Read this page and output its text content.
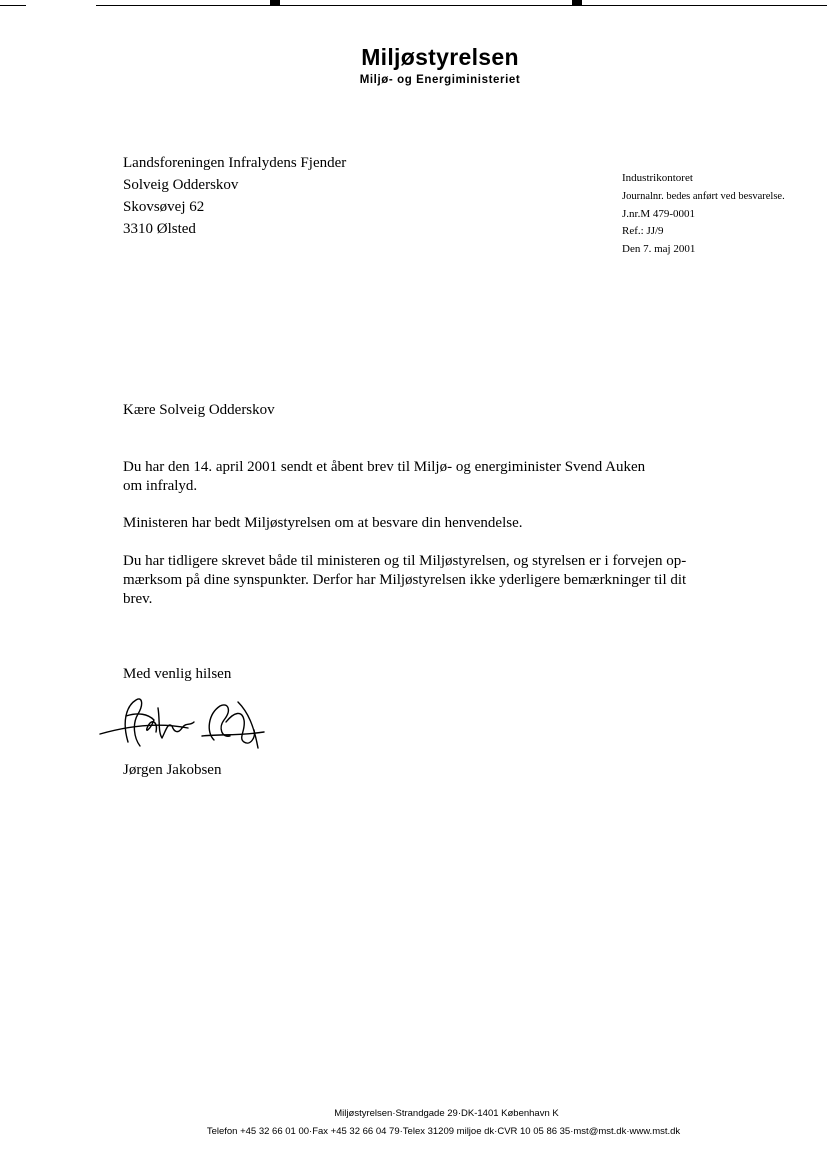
Miljøstyrelsen
Miljø- og Energiministeriet
Landsforeningen Infralydens Fjender
Solveig Odderskov
Skovsøvej 62
3310 Ølsted
Industrikontoret
Journalnr. bedes anført ved besvarelse.
J.nr.M 479-0001
Ref.: JJ/9
Den 7. maj 2001
Kære Solveig Odderskov
Du har den 14. april 2001 sendt et åbent brev til Miljø- og energiminister Svend Auken
om infralyd.
Ministeren har bedt Miljøstyrelsen om at besvare din henvendelse.
Du har tidligere skrevet både til ministeren og til Miljøstyrelsen, og styrelsen er i forvejen op-
mærksom på dine synspunkter. Derfor har Miljøstyrelsen ikke yderligere bemærkninger til dit
brev.
Med venlig hilsen
Jørgen Jakobsen
Miljøstyrelsen·Strandgade 29·DK-1401 København K
Telefon +45 32 66 01 00·Fax +45 32 66 04 79·Telex 31209 miljoe dk·CVR 10 05 86 35·mst@mst.dk·www.mst.dk
